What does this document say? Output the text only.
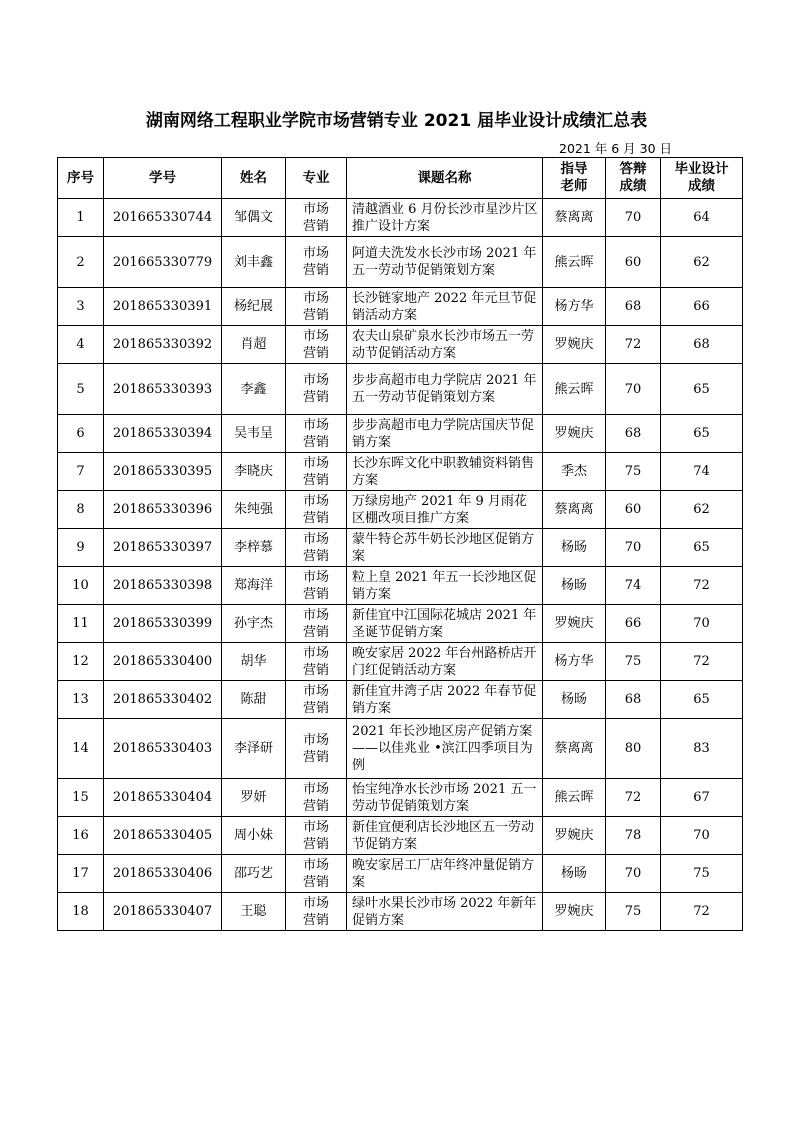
湖南网络工程职业学院市场营销专业 2021 届毕业设计成绩汇总表
2021 年 6 月 30 日
序号	学号	姓名	专业	课题名称	指导老师	答辩成绩	毕业设计成绩
1	201665330744	邹偶文	市场营销	清越酒业 6 月份长沙市星沙片区推广设计方案	蔡离离	70	64
2	201665330779	刘丰鑫	市场营销	阿道夫洗发水长沙市场 2021 年五一劳动节促销策划方案	熊云晖	60	62
3	201865330391	杨纪展	市场营销	长沙链家地产 2022 年元旦节促销活动方案	杨方华	68	66
4	201865330392	肖超	市场营销	农夫山泉矿泉水长沙市场五一劳动节促销活动方案	罗婉庆	72	68
5	201865330393	李鑫	市场营销	步步高超市电力学院店 2021 年五一劳动节促销策划方案	熊云晖	70	65
6	201865330394	吴韦呈	市场营销	步步高超市电力学院店国庆节促销方案	罗婉庆	68	65
7	201865330395	李晓庆	市场营销	长沙东晖文化中职教辅资料销售方案	季杰	75	74
8	201865330396	朱纯强	市场营销	万绿房地产 2021 年 9 月雨花区棚改项目推广方案	蔡离离	60	62
9	201865330397	李梓慕	市场营销	蒙牛特仑苏牛奶长沙地区促销方案	杨旸	70	65
10	201865330398	郑海洋	市场营销	粒上皇 2021 年五一长沙地区促销方案	杨旸	74	72
11	201865330399	孙宇杰	市场营销	新佳宜中江国际花城店 2021 年圣诞节促销方案	罗婉庆	66	70
12	201865330400	胡华	市场营销	晚安家居 2022 年台州路桥店开门红促销活动方案	杨方华	75	72
13	201865330402	陈甜	市场营销	新佳宜井湾子店 2022 年春节促销方案	杨旸	68	65
14	201865330403	李泽研	市场营销	2021 年长沙地区房产促销方案——以佳兆业 •滨江四季项目为例	蔡离离	80	83
15	201865330404	罗妍	市场营销	怡宝纯净水长沙市场 2021 五一劳动节促销策划方案	熊云晖	72	67
16	201865330405	周小妹	市场营销	新佳宜便利店长沙地区五一劳动节促销方案	罗婉庆	78	70
17	201865330406	邵巧艺	市场营销	晚安家居工厂店年终冲量促销方案	杨旸	70	75
18	201865330407	王聪	市场营销	绿叶水果长沙市场 2022 年新年促销方案	罗婉庆	75	72
